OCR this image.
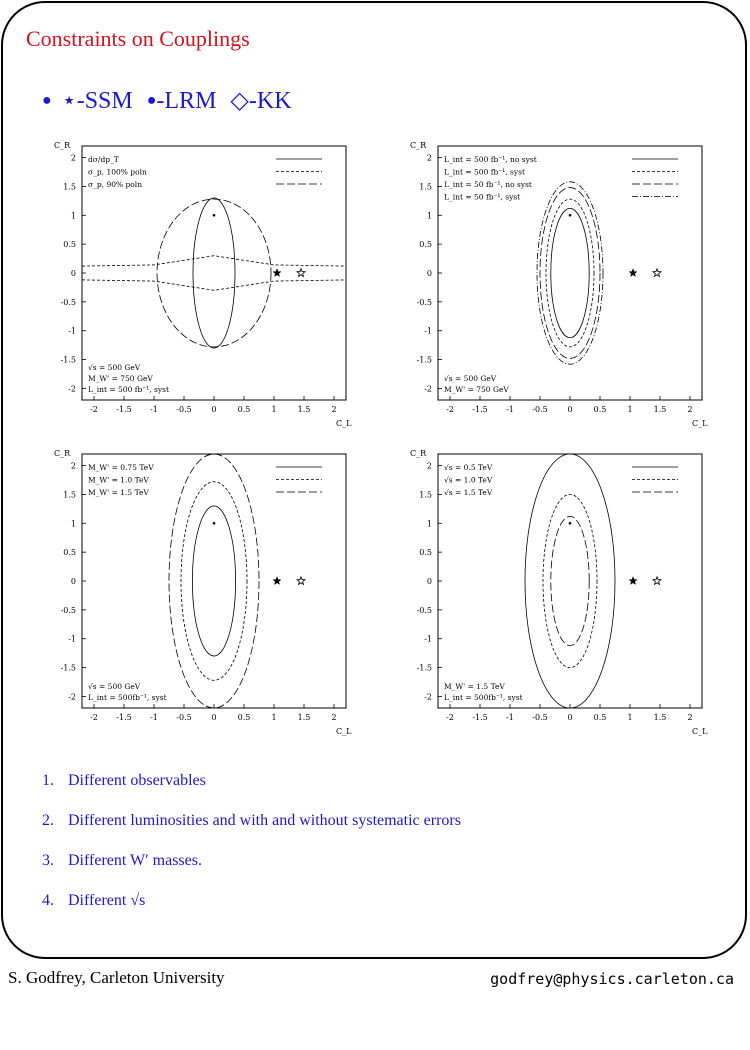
Constraints on Couplings
● ⋆-SSM ●-LRM ◇-KK
-2 -1.5 -1 -0.5 0	0.5	1	1.5	2
2
1.5
1
0.5
0
-0.5
-1
-1.5
-2
C_R
C_L
dσ/dp_T
σ_p, 100% poln
σ_p, 90% poln
√s = 500 GeV
M_W' = 750 GeV
L_int = 500 fb⁻¹, syst
-2 -1.5 -1 -0.5 0	0.5	1	1.5	2
2
1.5
1
0.5
0
-0.5
-1
-1.5
-2
C_R
C_L
L_int = 500 fb⁻¹, no syst
L_int = 500 fb⁻¹, syst
L_int = 50 fb⁻¹, no syst
L_int = 50 fb⁻¹, syst
√s = 500 GeV
M_W' = 750 GeV
-2 -1.5 -1 -0.5 0	0.5	1	1.5	2
2
1.5
1
0.5
0
-0.5
-1
-1.5
-2
C_R
C_L
M_W' = 0.75 TeV
M_W' = 1.0 TeV
M_W' = 1.5 TeV
√s = 500 GeV
L_int = 500fb⁻¹, syst
-2 -1.5 -1 -0.5 0	0.5	1	1.5	2
2
1.5
1
0.5
0
-0.5
-1
-1.5
-2
C_R
C_L
√s = 0.5 TeV
√s = 1.0 TeV
√s = 1.5 TeV
M_W' = 1.5 TeV
L_int = 500fb⁻¹, syst
1. Different observables
2. Different luminosities and with and without systematic errors
3. Different W′ masses.
4. Different √s
S. Godfrey, Carleton University	godfrey@physics.carleton.ca
